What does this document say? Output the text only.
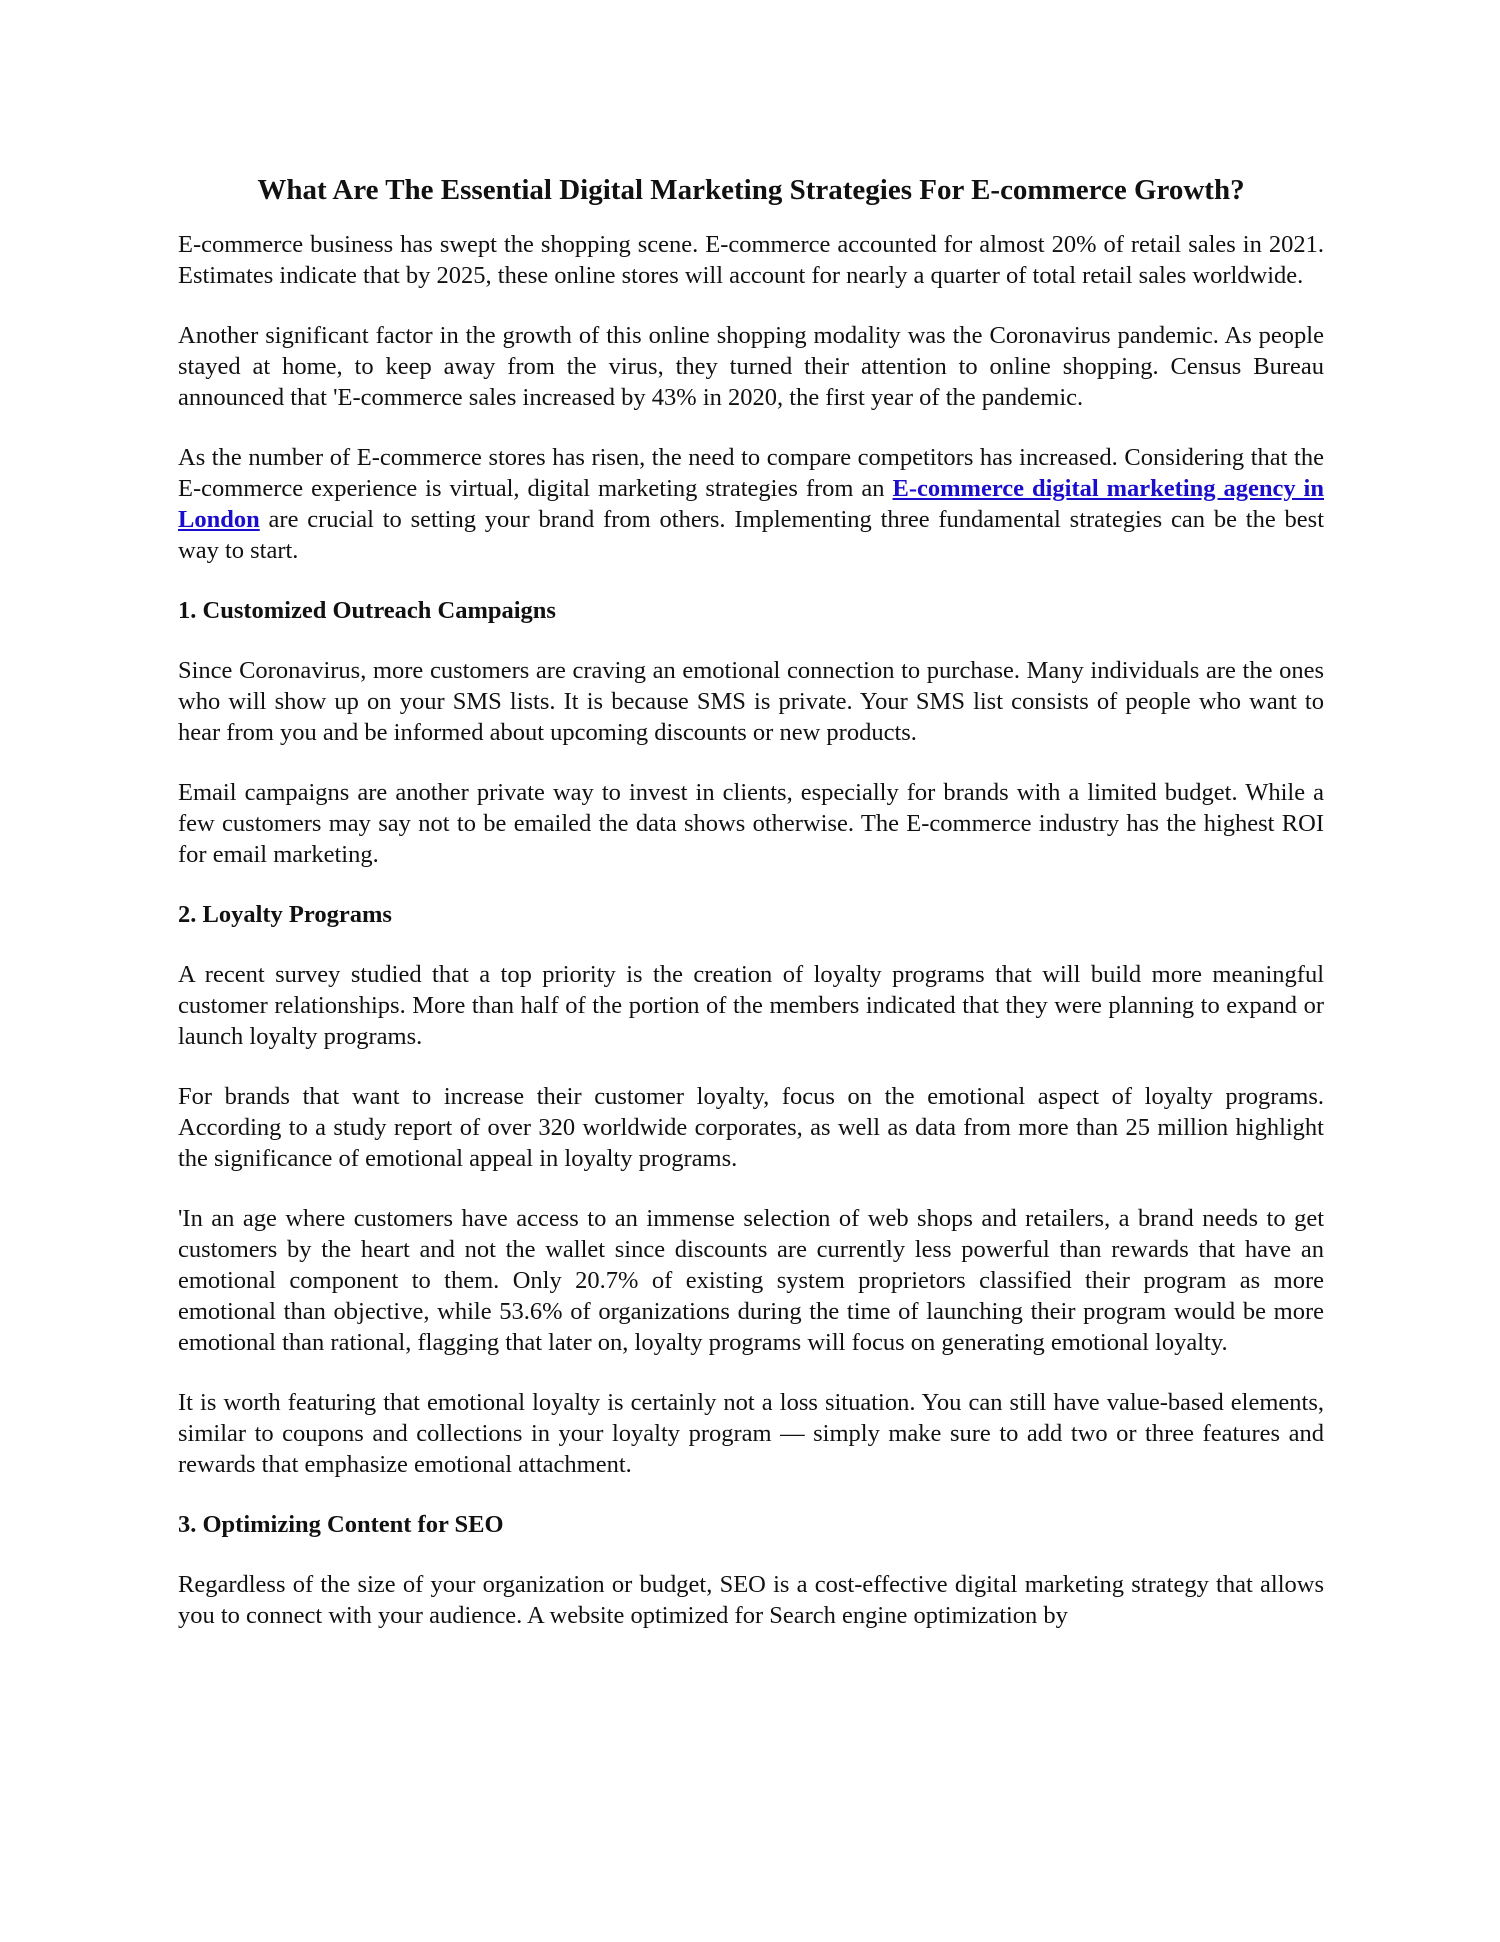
What Are The Essential Digital Marketing Strategies For E-commerce Growth?

E-commerce business has swept the shopping scene. E-commerce accounted for almost 20% of retail sales in 2021. Estimates indicate that by 2025, these online stores will account for nearly a quarter of total retail sales worldwide.

Another significant factor in the growth of this online shopping modality was the Coronavirus pandemic. As people stayed at home, to keep away from the virus, they turned their attention to online shopping. Census Bureau announced that 'E-commerce sales increased by 43% in 2020, the first year of the pandemic.

As the number of E-commerce stores has risen, the need to compare competitors has increased. Considering that the E-commerce experience is virtual, digital marketing strategies from an E-commerce digital marketing agency in London are crucial to setting your brand from others. Implementing three fundamental strategies can be the best way to start.

1. Customized Outreach Campaigns

Since Coronavirus, more customers are craving an emotional connection to purchase. Many individuals are the ones who will show up on your SMS lists. It is because SMS is private. Your SMS list consists of people who want to hear from you and be informed about upcoming discounts or new products.

Email campaigns are another private way to invest in clients, especially for brands with a limited budget. While a few customers may say not to be emailed the data shows otherwise. The E-commerce industry has the highest ROI for email marketing.

2. Loyalty Programs

A recent survey studied that a top priority is the creation of loyalty programs that will build more meaningful customer relationships. More than half of the portion of the members indicated that they were planning to expand or launch loyalty programs.

For brands that want to increase their customer loyalty, focus on the emotional aspect of loyalty programs. According to a study report of over 320 worldwide corporates, as well as data from more than 25 million highlight the significance of emotional appeal in loyalty programs.

'In an age where customers have access to an immense selection of web shops and retailers, a brand needs to get customers by the heart and not the wallet since discounts are currently less powerful than rewards that have an emotional component to them. Only 20.7% of existing system proprietors classified their program as more emotional than objective, while 53.6% of organizations during the time of launching their program would be more emotional than rational, flagging that later on, loyalty programs will focus on generating emotional loyalty.

It is worth featuring that emotional loyalty is certainly not a loss situation. You can still have value-based elements, similar to coupons and collections in your loyalty program — simply make sure to add two or three features and rewards that emphasize emotional attachment.

3. Optimizing Content for SEO

Regardless of the size of your organization or budget, SEO is a cost-effective digital marketing strategy that allows you to connect with your audience. A website optimized for Search engine optimization by
